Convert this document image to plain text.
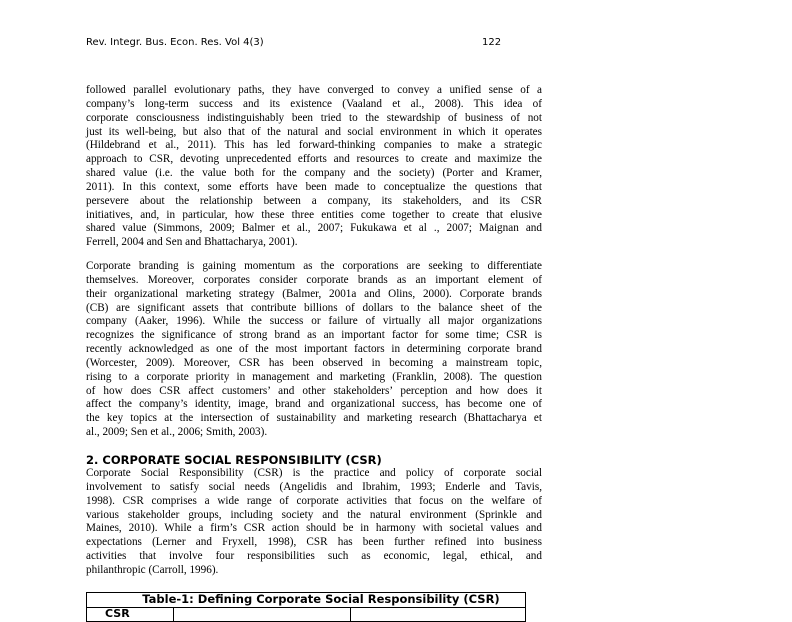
Rev. Integr. Bus. Econ. Res. Vol 4(3)	122
followed parallel evolutionary paths, they have converged to convey a unified sense of a
company’s long-term success and its existence (Vaaland et al., 2008). This idea of
corporate consciousness indistinguishably been tried to the stewardship of business of not
just its well-being, but also that of the natural and social environment in which it operates
(Hildebrand et al., 2011). This has led forward-thinking companies to make a strategic
approach to CSR, devoting unprecedented efforts and resources to create and maximize the
shared value (i.e. the value both for the company and the society) (Porter and Kramer,
2011). In this context, some efforts have been made to conceptualize the questions that
persevere about the relationship between a company, its stakeholders, and its CSR
initiatives, and, in particular, how these three entities come together to create that elusive
shared value (Simmons, 2009; Balmer et al., 2007; Fukukawa et al ., 2007; Maignan and
Ferrell, 2004 and Sen and Bhattacharya, 2001).
Corporate branding is gaining momentum as the corporations are seeking to differentiate
themselves. Moreover, corporates consider corporate brands as an important element of
their organizational marketing strategy (Balmer, 2001a and Olins, 2000). Corporate brands
(CB) are significant assets that contribute billions of dollars to the balance sheet of the
company (Aaker, 1996). While the success or failure of virtually all major organizations
recognizes the significance of strong brand as an important factor for some time; CSR is
recently acknowledged as one of the most important factors in determining corporate brand
(Worcester, 2009). Moreover, CSR has been observed in becoming a mainstream topic,
rising to a corporate priority in management and marketing (Franklin, 2008). The question
of how does CSR affect customers’ and other stakeholders’ perception and how does it
affect the company’s identity, image, brand and organizational success, has become one of
the key topics at the intersection of sustainability and marketing research (Bhattacharya et
al., 2009; Sen et al., 2006; Smith, 2003).
2. CORPORATE SOCIAL RESPONSIBILITY (CSR)
Corporate Social Responsibility (CSR) is the practice and policy of corporate social
involvement to satisfy social needs (Angelidis and Ibrahim, 1993; Enderle and Tavis,
1998). CSR comprises a wide range of corporate activities that focus on the welfare of
various stakeholder groups, including society and the natural environment (Sprinkle and
Maines, 2010). While a firm’s CSR action should be in harmony with societal values and
expectations (Lerner and Fryxell, 1998), CSR has been further refined into business
activities that involve four responsibilities such as economic, legal, ethical, and
philanthropic (Carroll, 1996).
Table-1: Defining Corporate Social Responsibility (CSR)
CSR
